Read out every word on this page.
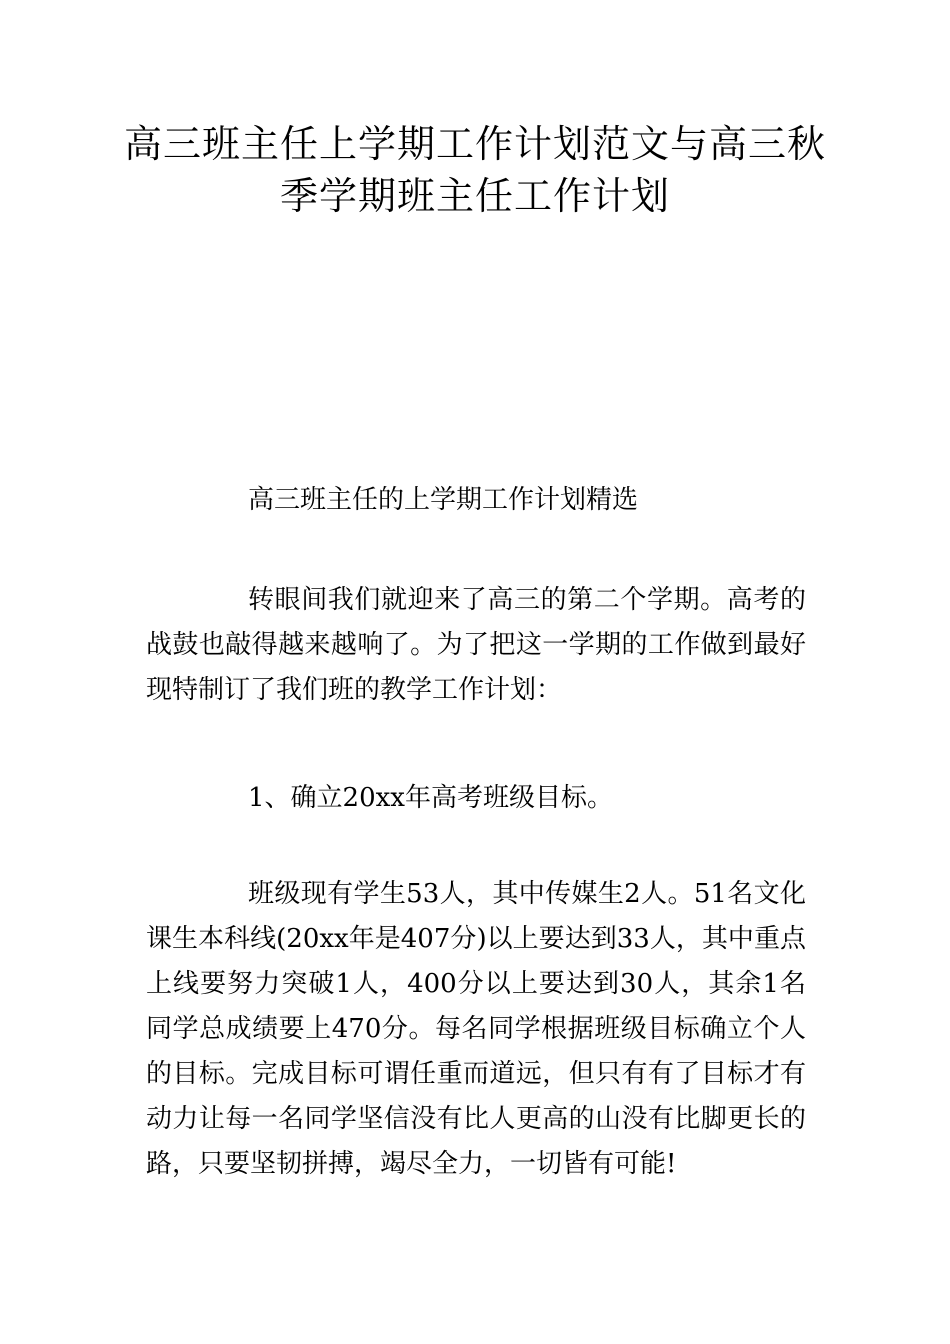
高三班主任上学期工作计划范文与高三秋
季学期班主任工作计划

高三班主任的上学期工作计划精选

转眼间我们就迎来了高三的第二个学期。高考的战鼓也敲得越来越响了。为了把这一学期的工作做到最好现特制订了我们班的教学工作计划：

1、确立20xx年高考班级目标。

班级现有学生53人，其中传媒生2人。51名文化课生本科线(20xx年是407分)以上要达到33人，其中重点上线要努力突破1人，400分以上要达到30人，其余1名同学总成绩要上470分。每名同学根据班级目标确立个人的目标。完成目标可谓任重而道远，但只有有了目标才有动力让每一名同学坚信没有比人更高的山没有比脚更长的路，只要坚韧拼搏，竭尽全力，一切皆有可能!
